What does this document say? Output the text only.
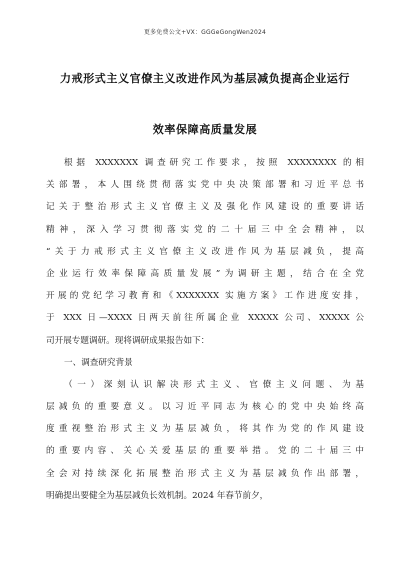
更多免费公文+VX：GGGeGongWen2024
力戒形式主义官僚主义改进作风为基层减负提高企业运行
效率保障高质量发展
根据 XXXXXXX 调查研究工作要求，按照 XXXXXXXX 的相
关部署，本人围绕贯彻落实党中央决策部署和习近平总书
记关于整治形式主义官僚主义及强化作风建设的重要讲话
精神，深入学习贯彻落实党的二十届三中全会精神，以
“关于力戒形式主义官僚主义改进作风为基层减负，提高
企业运行效率保障高质量发展”为调研主题，结合在全党
开展的党纪学习教育和《XXXXXXX 实施方案》工作进度安排，
于 XXX 日—XXXX 日两天前往所属企业 XXXXX 公司、XXXXX 公
司开展专题调研。现将调研成果报告如下：
一、调查研究背景
（一）深刻认识解决形式主义、官僚主义问题、为基
层减负的重要意义。以习近平同志为核心的党中央始终高
度重视整治形式主义为基层减负，将其作为党的作风建设
的重要内容、关心关爱基层的重要举措。党的二十届三中
全会对持续深化拓展整治形式主义为基层减负作出部署，
明确提出要健全为基层减负长效机制。2024 年春节前夕，
